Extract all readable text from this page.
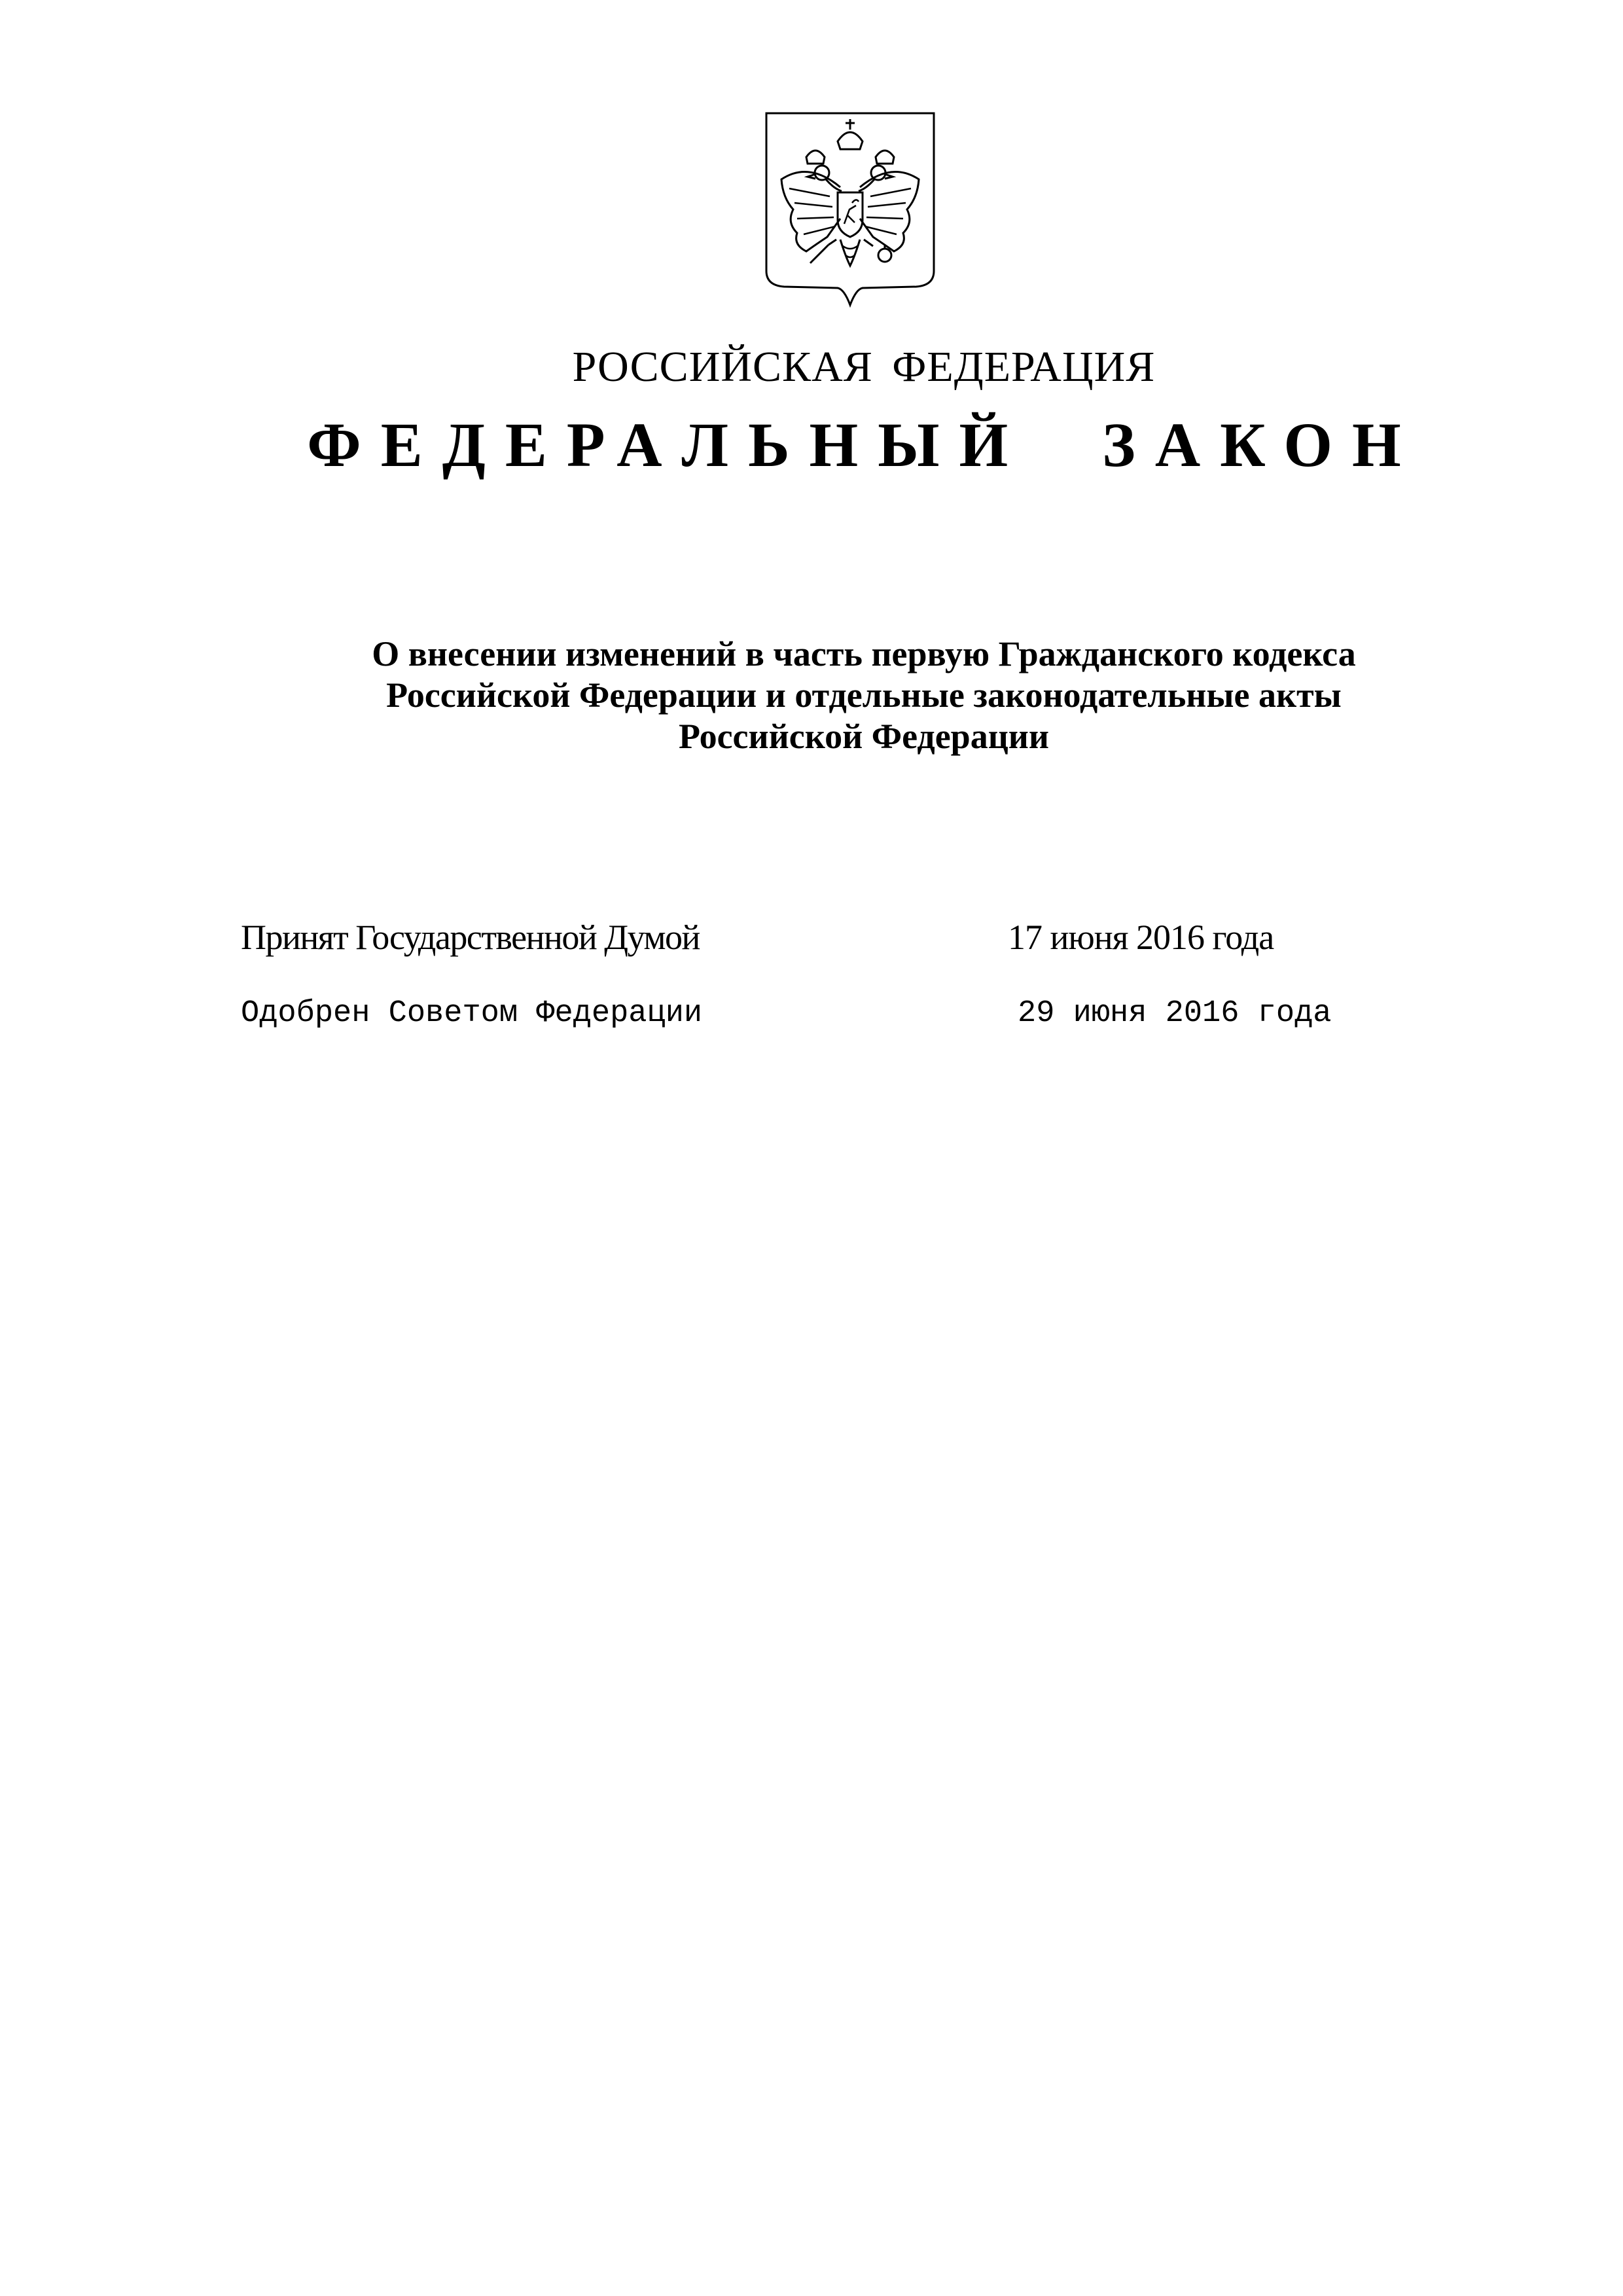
РОССИЙСКАЯ ФЕДЕРАЦИЯ
ФЕДЕРАЛЬНЫЙ ЗАКОН
О внесении изменений в часть первую Гражданского кодекса
Российской Федерации и отдельные законодательные акты
Российской Федерации
Принят Государственной Думой	17 июня 2016 года
Одобрен Советом Федерации	29 июня 2016 года
